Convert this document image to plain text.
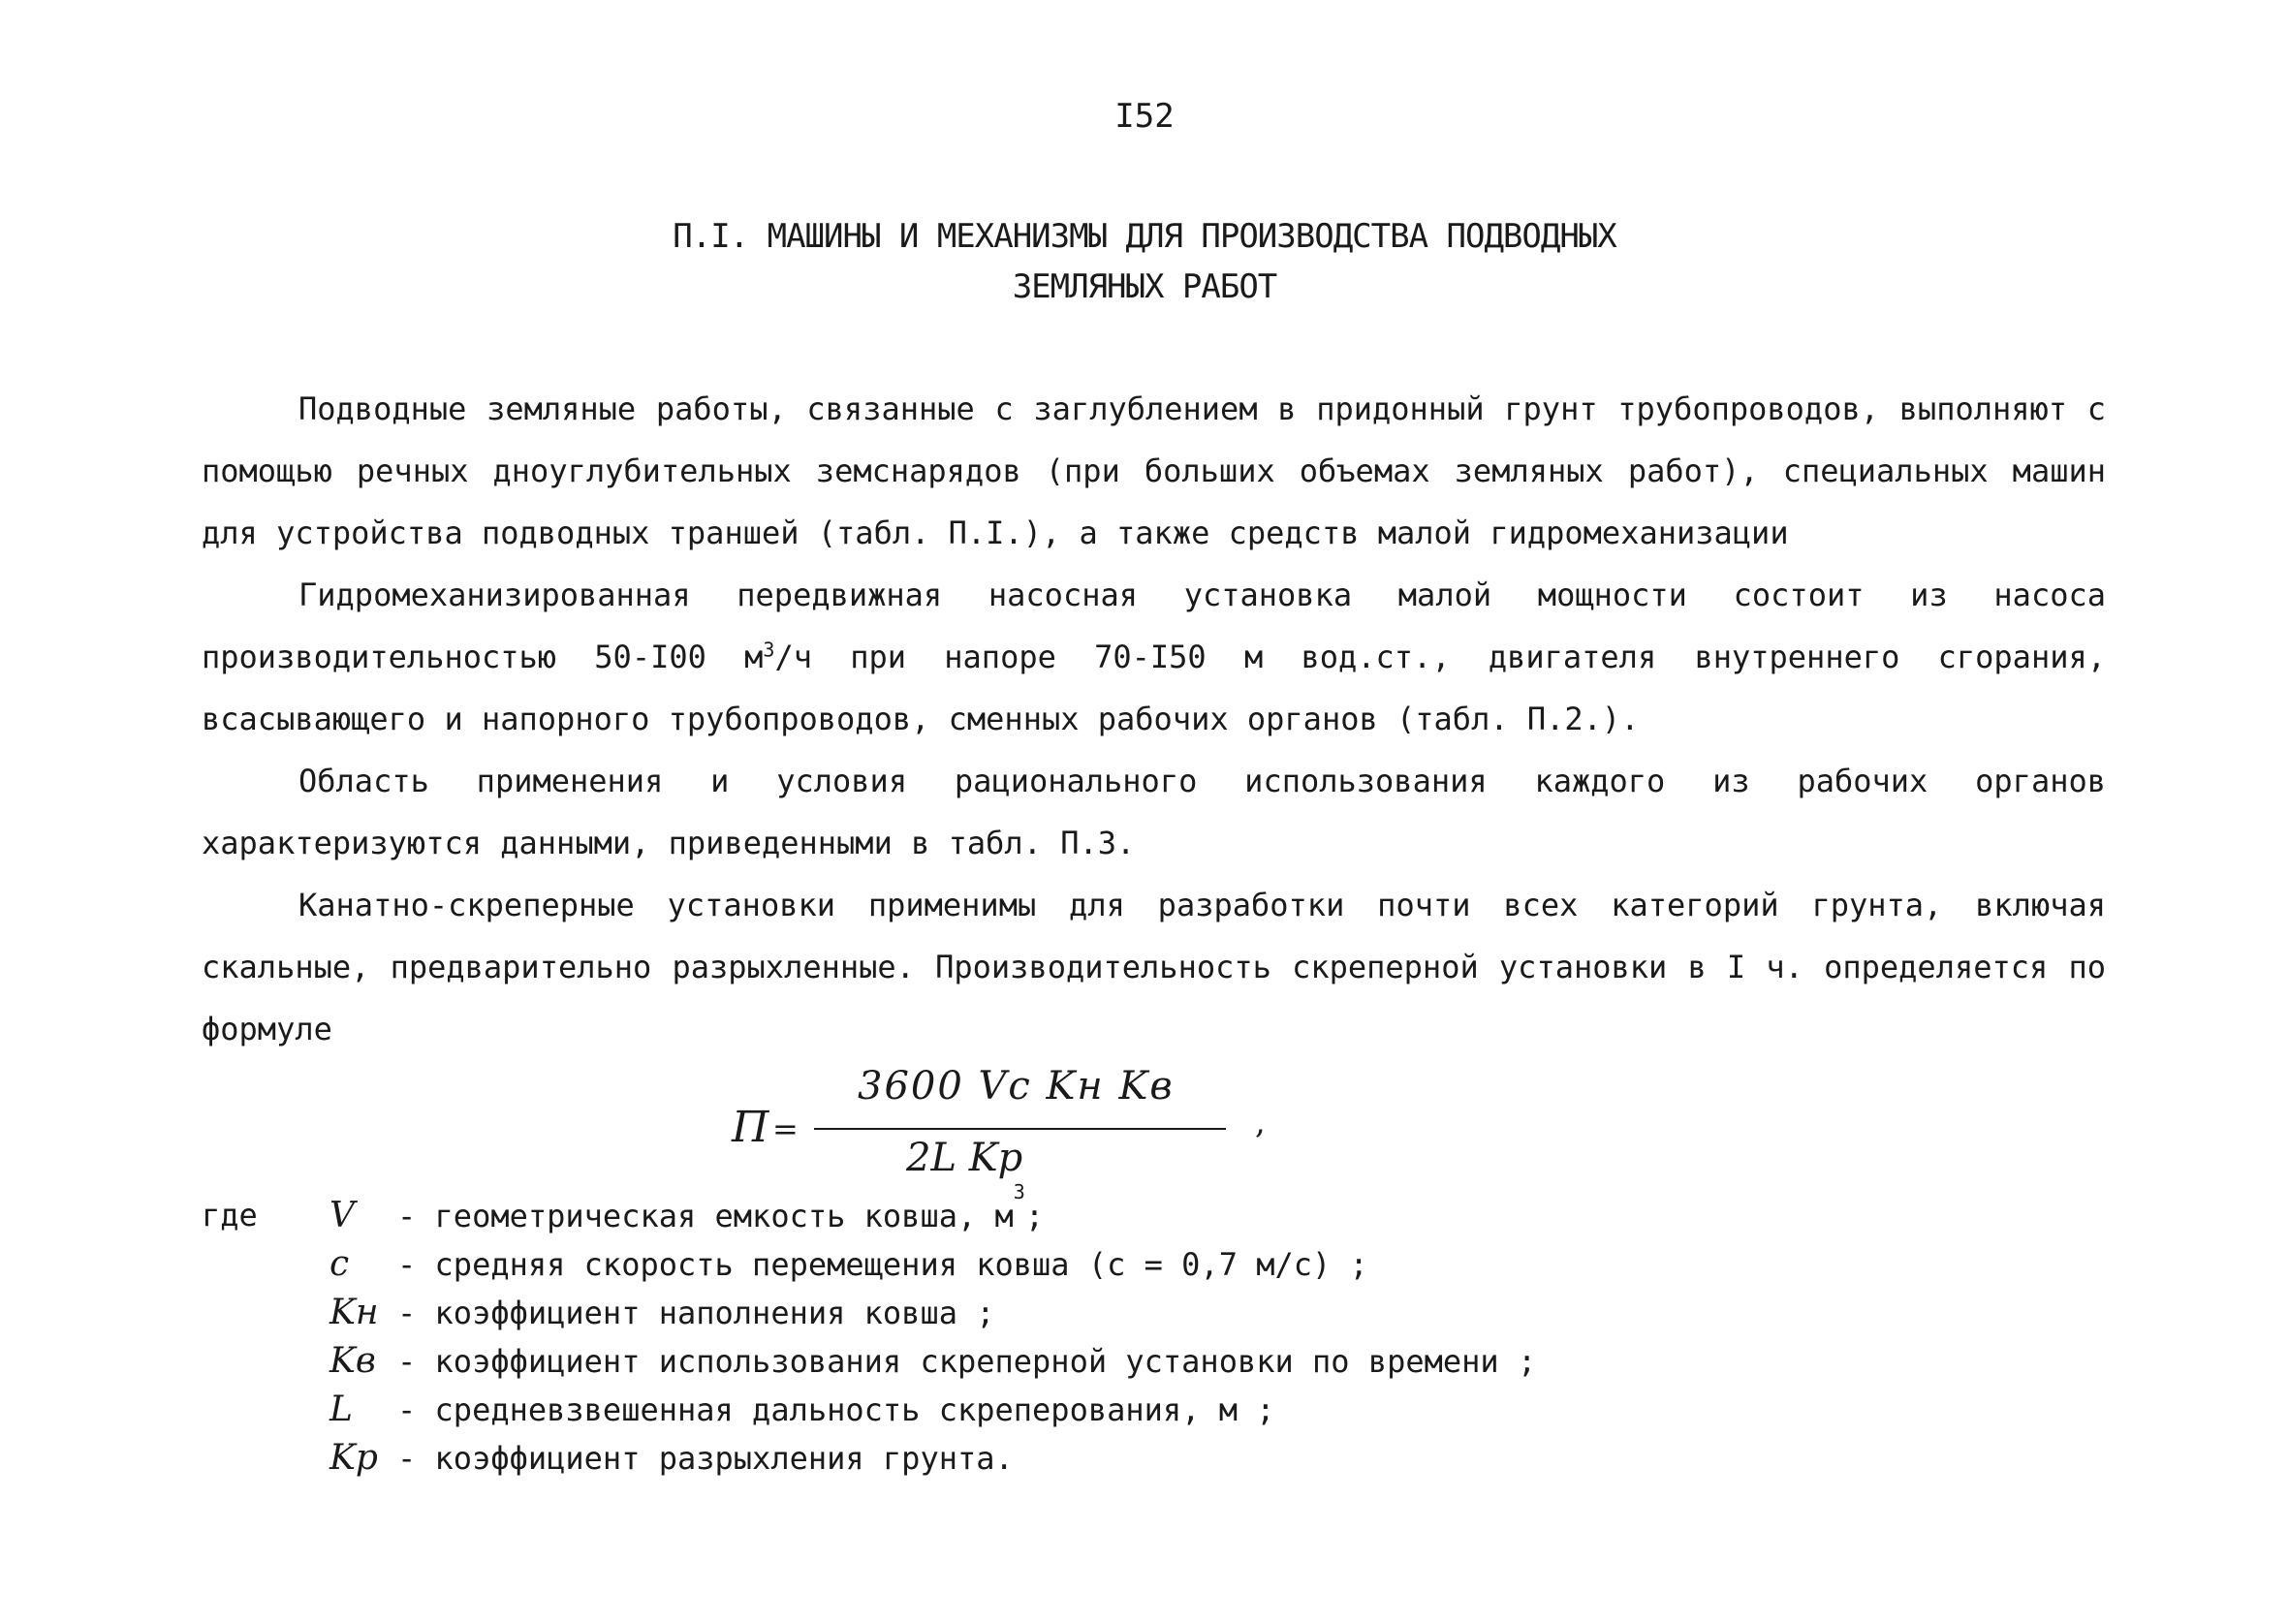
I52
П.I. МАШИНЫ И МЕХАНИЗМЫ ДЛЯ ПРОИЗВОДСТВА ПОДВОДНЫХ
ЗЕМЛЯНЫХ РАБОТ

Подводные земляные работы, связанные с заглублением в придонный грунт трубопроводов, выполняют с помощью речных дноуглубительных земснарядов (при больших объемах земляных работ), специальных машин для устройства подводных траншей (табл. П.I.), а также средств малой гидромеханизации

Гидромеханизированная передвижная насосная установка малой мощности состоит из насоса производительностью 50-I00 $м^3/ч$ при напоре 70-I50 м вод.ст., двигателя внутреннего сгорания, всасывающего и напорного трубопроводов, сменных рабочих органов (табл. П.2.).

Область применения и условия рационального использования каждого из рабочих органов характеризуются данными, приведенными в табл. П.3.

Канатно-скреперные установки применимы для разработки почти всех категорий грунта, включая скальные, предварительно разрыхленные. Производительность скреперной установки в I ч. определяется по формуле

П =
3600 Vc Kн Kв
2L Kр
,
где V	- геометрическая емкость ковша, м
3
;
c	- средняя скорость перемещения ковша (с = 0,7 м/с) ;
Kн - коэффициент наполнения ковша ;
Kв - коэффициент использования скреперной установки по времени ;
L	- средневзвешенная дальность скреперования, м ;
Kр - коэффициент разрыхления грунта.
